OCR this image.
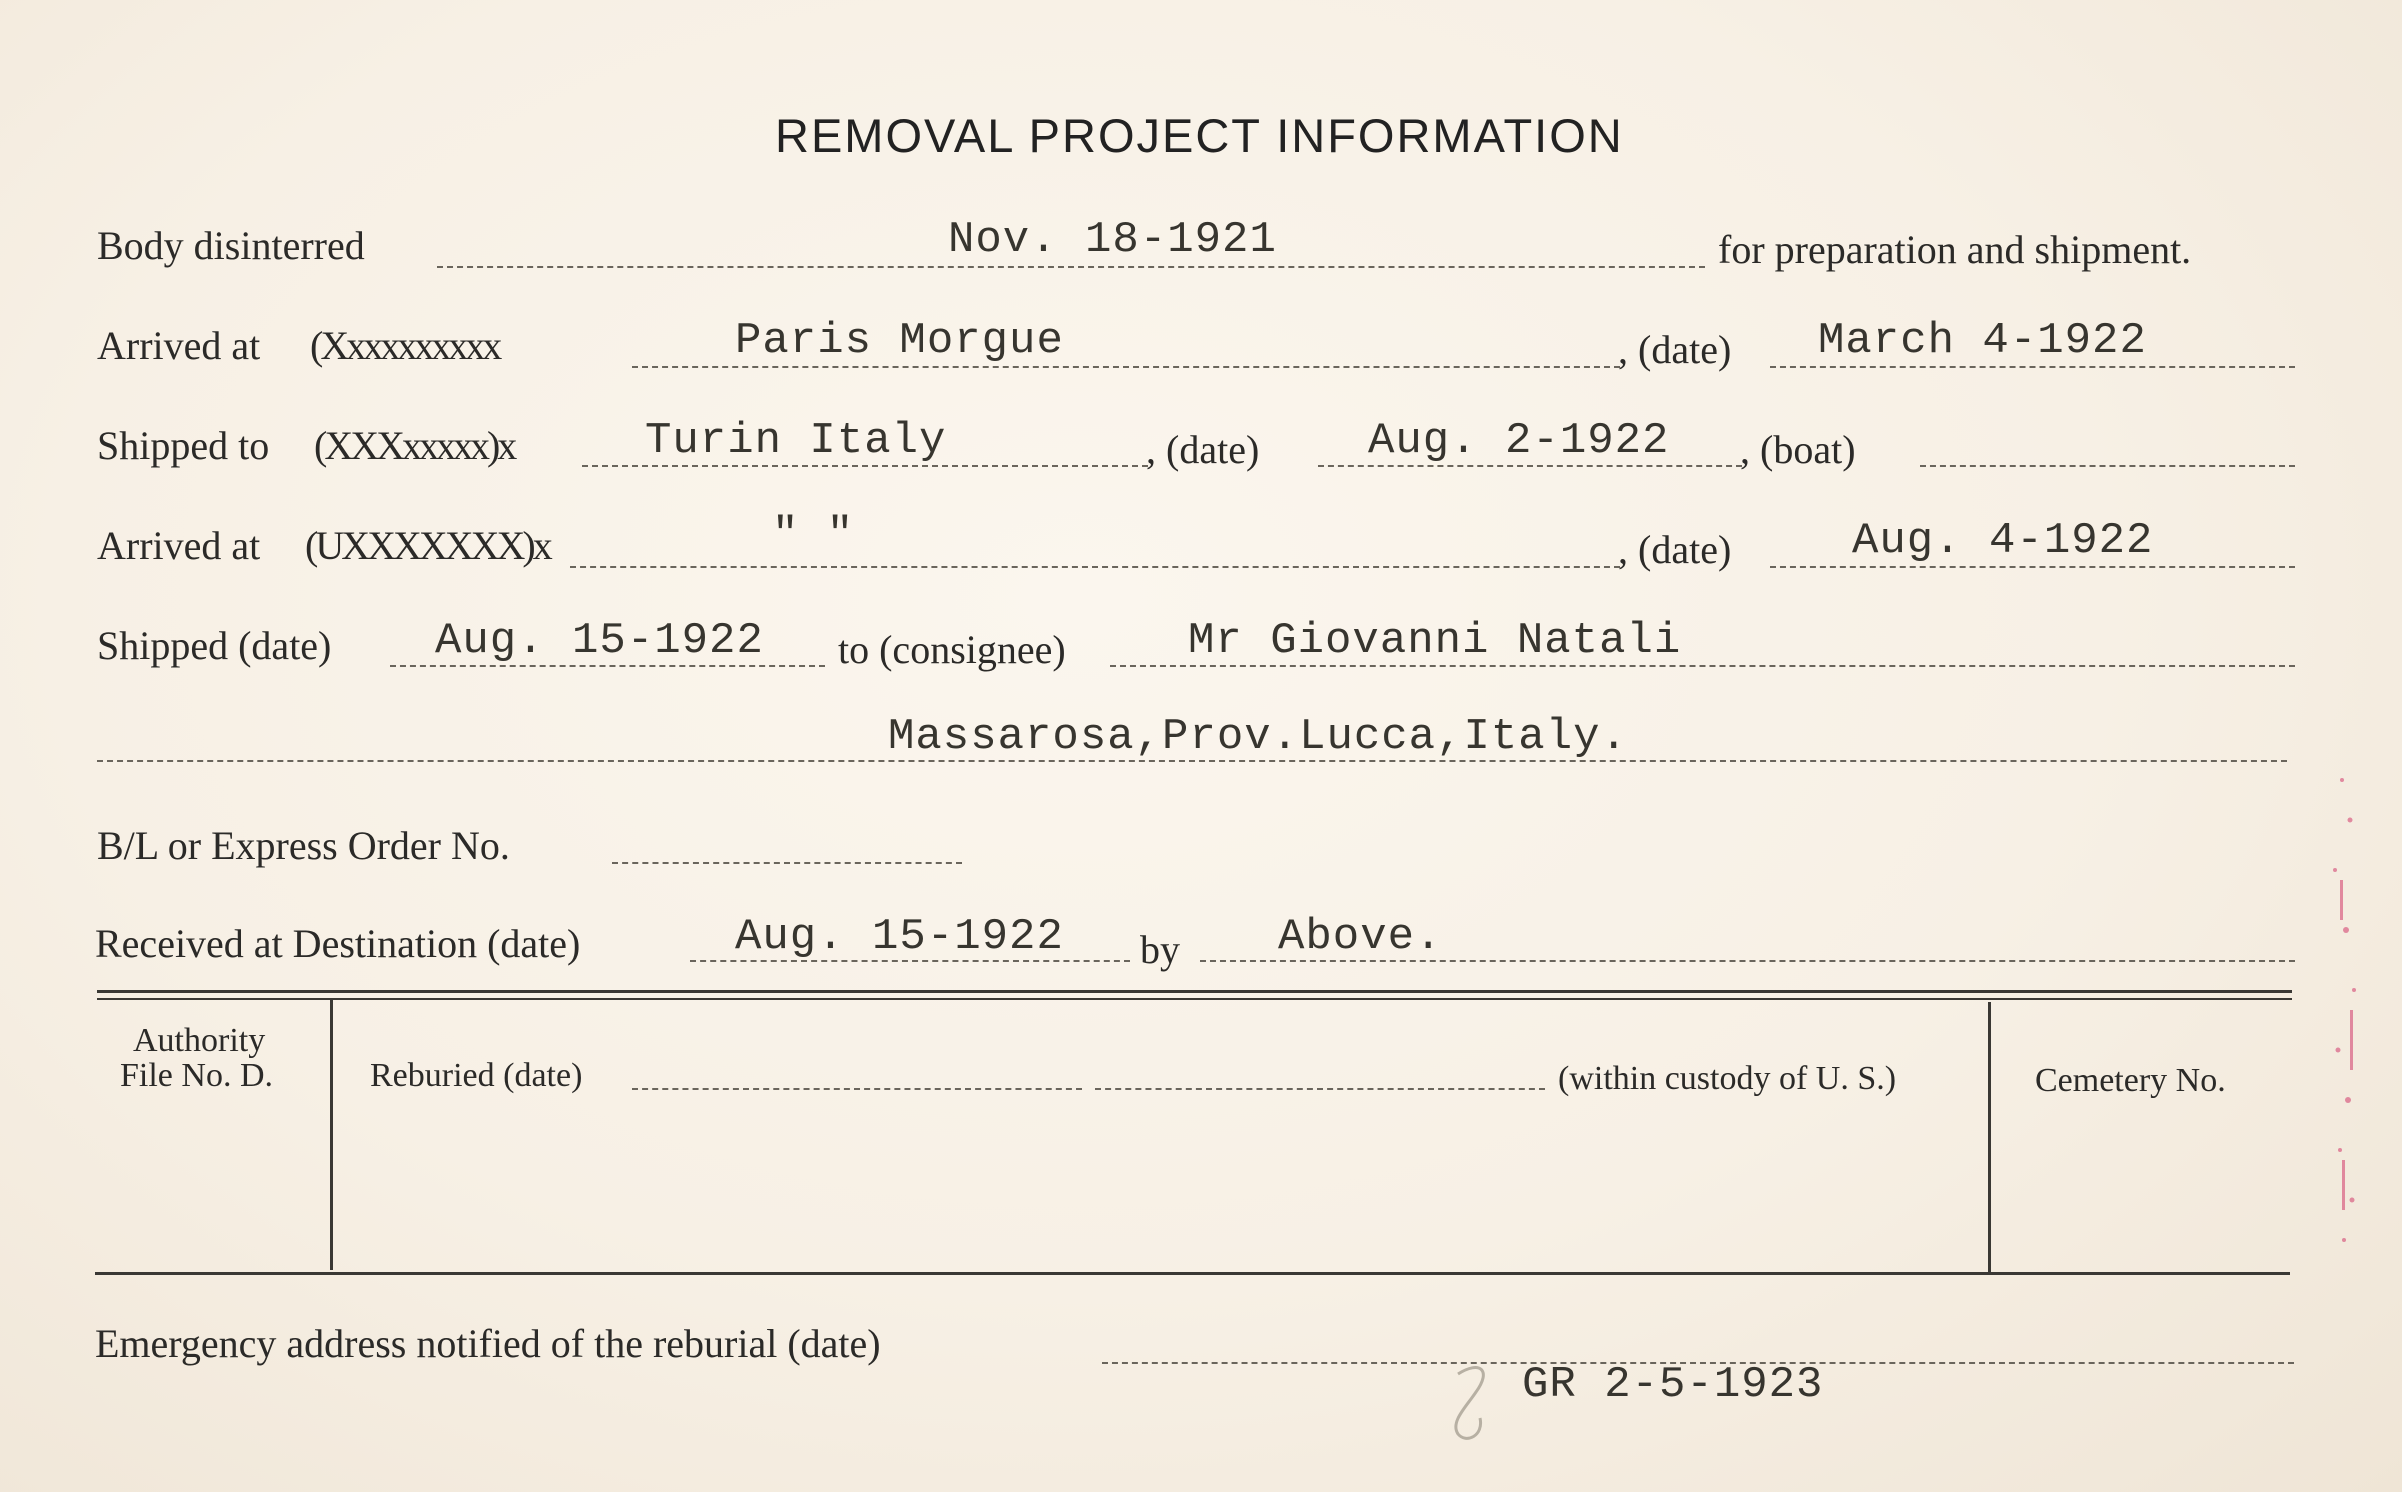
REMOVAL PROJECT INFORMATION
Body disinterred	Nov. 18-1921	for preparation and shipment.
Arrived at (Xxxxxxxxxx	Paris Morgue	, (date) March 4-1922
Shipped to (XXXxxxxx)x	Turin Italy	, (date) Aug. 2-1922 , (boat)
Arrived at (UXXXXXXX)x	" "	, (date)	Aug. 4-1922
Shipped (date) Aug. 15-1922 to (consignee)	Mr Giovanni Natali
Massarosa,Prov.Lucca,Italy.
B/L or Express Order No.
Received at Destination (date)	Aug. 15-1922 by Above.
Authority
File No. D.	Reburied (date)	(within custody of U. S.)	Cemetery No.
Emergency address notified of the reburial (date)
GR 2-5-1923
